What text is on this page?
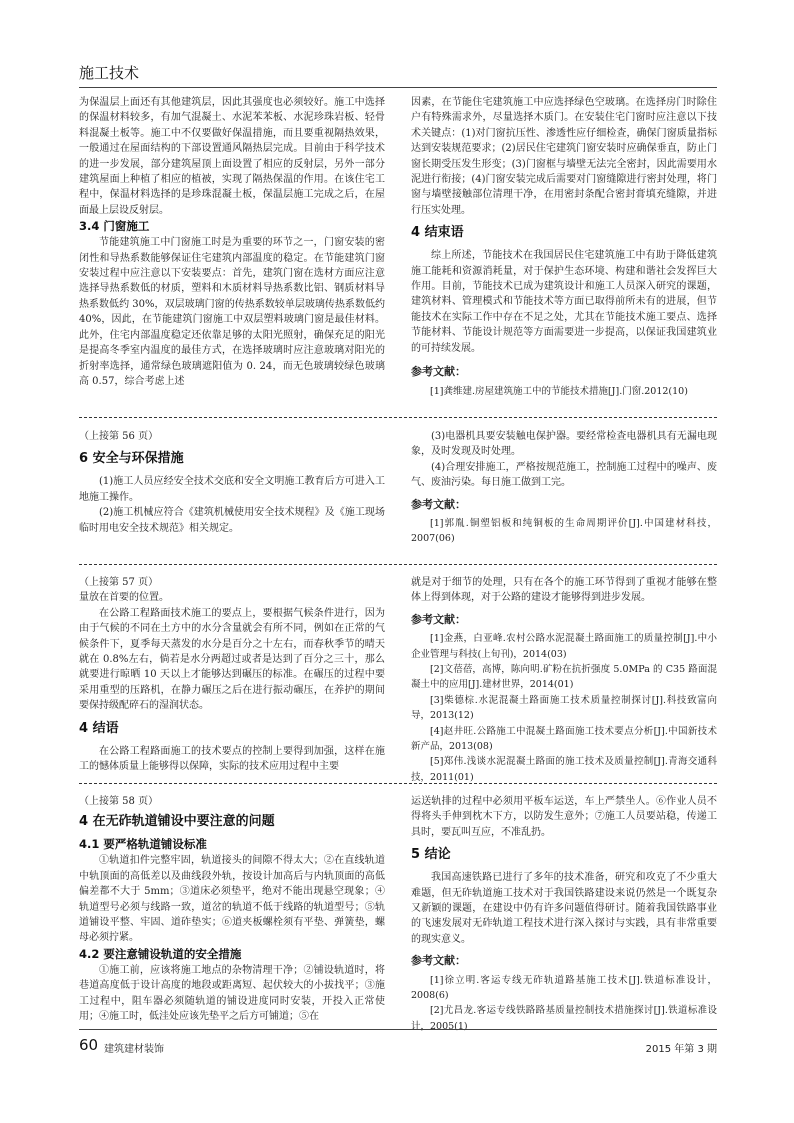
施工技术

为保温层上面还有其他建筑层，因此其强度也必须较好。施工中选择的保温材料较多，有加气混凝土、水泥苯苯板、水泥珍珠岩板、轻骨料混凝土板等。施工中不仅要做好保温措施，而且要重视隔热效果，一般通过在屋面结构的下部设置通风隔热层完成。目前由于科学技术的进一步发展，部分建筑屋顶上面设置了相应的反射层，另外一部分建筑屋面上种植了相应的植被，实现了隔热保温的作用。在该住宅工程中，保温材料选择的是珍珠混凝土板，保温层施工完成之后，在屋面最上层设反射层。

3.4 门窗施工

节能建筑施工中门窗施工时是为重要的环节之一，门窗安装的密闭性和导热系数能够保证住宅建筑内部温度的稳定。在节能建筑门窗安装过程中应注意以下安装要点：首先，建筑门窗在选材方面应注意选择导热系数低的材质，塑料和木质材料导热系数比铝、钢质材料导热系数低约 30%，双层玻璃门窗的传热系数较单层玻璃传热系数低约 40%，因此，在节能建筑门窗施工中双层塑料玻璃门窗是最佳材料。此外，住宅内部温度稳定还依靠足够的太阳光照射，确保充足的阳光是提高冬季室内温度的最佳方式，在选择玻璃时应注意玻璃对阳光的折射率选择，通常绿色玻璃遮阳值为 0. 24，而无色玻璃较绿色玻璃高 0.57，综合考虑上述

因素，在节能住宅建筑施工中应选择绿色空玻璃。在选择房门时除住户有特殊需求外，尽量选择木质门。在安装住宅门窗时应注意以下技术关键点：(1)对门窗抗压性、渗透性应仔细检查，确保门窗质量指标达到安装规范要求；(2)居民住宅建筑门窗安装时应确保垂直，防止门窗长期受压发生形变；(3)门窗框与墙壁无法完全密封，因此需要用水泥进行衔接；(4)门窗安装完成后需要对门窗缝隙进行密封处理，将门窗与墙壁接触部位清理干净，在用密封条配合密封膏填充缝隙，并进行压实处理。

4 结束语

综上所述，节能技术在我国居民住宅建筑施工中有助于降低建筑施工能耗和资源消耗量，对于保护生态环境、构建和谐社会发挥巨大作用。目前，节能技术已成为建筑设计和施工人员深入研究的课题，建筑材料、管理模式和节能技术等方面已取得前所未有的进展，但节能技术在实际工作中存在不足之处，尤其在节能技术施工要点、选择节能材料、节能设计规范等方面需要进一步提高，以保证我国建筑业的可持续发展。

参考文献：

[1]龚维建.房屋建筑施工中的节能技术措施[J].门窗.2012(10)

（上接第 56 页）
6 安全与环保措施

(1)施工人员应经安全技术交底和安全文明施工教育后方可进入工地施工操作。

(2)施工机械应符合《建筑机械使用安全技术规程》及《施工现场临时用电安全技术规范》相关规定。

(3)电器机具要安装触电保护器。要经常检查电器机具有无漏电现象，及时发现及时处理。

(4)合理安排施工，严格按规范施工，控制施工过程中的噪声、废气、废油污染。每日施工做到工完。

参考文献：

[1]郭胤.铜塑铝板和纯铜板的生命周期评价[J].中国建材科技，2007(06)

（上接第 57 页）

量放在首要的位置。

在公路工程路面技术施工的要点上，要根据气候条件进行，因为由于气候的不同在土方中的水分含量就会有所不同，例如在正常的气候条件下，夏季每天蒸发的水分是百分之十左右，而春秋季节的晴天就在 0.8%左右，倘若是水分两超过或者是达到了百分之三十，那么就要进行晾晒 10 天以上才能够达到碾压的标准。在碾压的过程中要采用重型的压路机，在静力碾压之后在进行振动碾压，在养护的期间要保持级配碎石的湿润状态。

4 结语

在公路工程路面施工的技术要点的控制上要得到加强，这样在施工的憾体质量上能够得以保障，实际的技术应用过程中主要

就是对于细节的处理，只有在各个的施工环节得到了重视才能够在整体上得到体现，对于公路的建设才能够得到进步发展。

参考文献：

[1]金燕，白亚峰.农村公路水泥混凝土路面施工的质量控制[J].中小企业管理与科技(上旬刊)，2014(03)

[2]文蓓蓓，高博，陈向明.矿粉在抗折强度 5.0MPa 的 C35 路面混凝土中的应用[J].建材世界，2014(01)

[3]柴德棕.水泥混凝土路面施工技术质量控制探讨[J].科技致富向导，2013(12)

[4]赵井旺.公路施工中混凝土路面施工技术要点分析[J].中国新技术新产品，2013(08)

[5]郑伟.浅谈水泥混凝土路面的施工技术及质量控制[J].青海交通科技，2011(01)

（上接第 58 页）
4 在无砟轨道铺设中要注意的问题
4.1 要严格轨道铺设标准

①轨道扣件完整牢固，轨道接头的间隙不得太大；②在直线轨道中轨顶面的高低差以及曲线段外轨，按设计加高后与内轨顶面的高低偏差都不大于 5mm；③道床必须垫平，绝对不能出现悬空现象；④轨道型号必须与线路一致，道岔的轨道不低于线路的轨道型号；⑤轨道铺设平整、牢固、道砟垫实；⑥道夹板螺栓须有平垫、弹簧垫，螺母必须拧紧。

4.2 要注意铺设轨道的安全措施

①施工前，应该将施工地点的杂物清理干净；②铺设轨道时，将巷道高度低于设计高度的地段或距离短、起伏较大的小拔找平；③施工过程中，阻车器必须随轨道的铺设进度同时安装，开投入正常使用；④施工时，低洼处应该先垫平之后方可铺道；⑤在

运送轨排的过程中必须用平板车运送，车上严禁坐人。⑥作业人员不得将头手伸到枕木下方，以防发生意外；⑦施工人员要站稳，传递工具时，要瓦叫互应，不准乱扔。

5 结论

我国高速铁路已进行了多年的技术准备，研究和攻克了不少重大难题，但无砟轨道施工技术对于我国铁路建设来说仍然是一个既复杂又新颖的课题，在建设中仍有许多问题值得研讨。随着我国铁路事业的飞速发展对无砟轨道工程技术进行深入探讨与实践，具有非常重要的现实意义。

参考文献：

[1]徐立明.客运专线无砟轨道路基施工技术[J].铁道标准设计，2008(6)

[2]尤昌龙.客运专线铁路路基质量控制技术措施探讨[J].铁道标准设计，2005(1)

60 建筑建材装饰	2015 年第 3 期
